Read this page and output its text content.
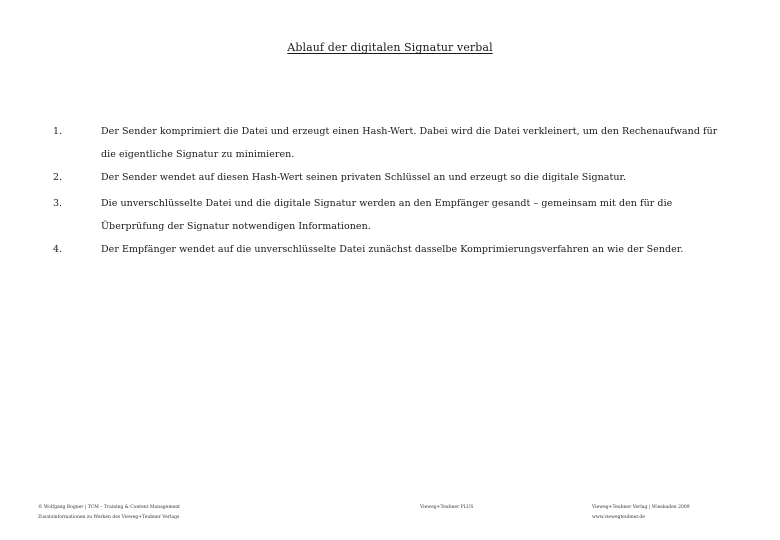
Ablauf der digitalen Signatur verbal
1.	Der Sender komprimiert die Datei und erzeugt einen Hash-Wert. Dabei wird die Datei verkleinert, um den Rechenaufwand für die eigentliche Signatur zu minimieren.
2.	Der Sender wendet auf diesen Hash-Wert seinen privaten Schlüssel an und erzeugt so die digitale Signatur.
3.	Die unverschlüsselte Datei und die digitale Signatur werden an den Empfänger gesandt – gemeinsam mit den für die Überprüfung der Signatur notwendigen Informationen.
4.	Der Empfänger wendet auf die unverschlüsselte Datei zunächst dasselbe Komprimierungsverfahren an wie der Sender.
© Wolfgang Bogner | TCM – Training & Content Management
Zusatzinformationen zu Werken des Vieweg+Teubner Verlags
Vieweg+Teubner PLUS	Vieweg+Teubner Verlag | Wiesbaden 2009
www.viewegteubner.de
